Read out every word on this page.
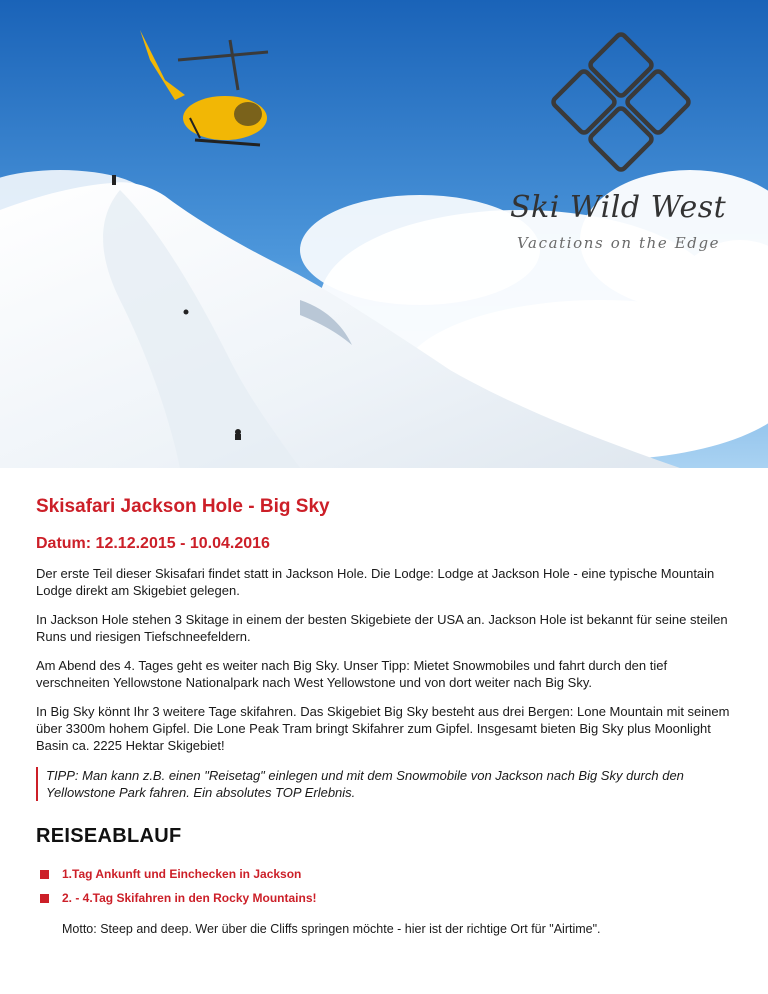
Ski Wild West
Vacations on the Edge
Skisafari Jackson Hole - Big Sky
Datum: 12.12.2015 - 10.04.2016

Der erste Teil dieser Skisafari findet statt in Jackson Hole. Die Lodge: Lodge at Jackson Hole - eine typische Mountain Lodge direkt am Skigebiet gelegen.

In Jackson Hole stehen 3 Skitage in einem der besten Skigebiete der USA an. Jackson Hole ist bekannt für seine steilen Runs und riesigen Tiefschneefeldern.

Am Abend des 4. Tages geht es weiter nach Big Sky. Unser Tipp: Mietet Snowmobiles und fahrt durch den tief verschneiten Yellowstone Nationalpark nach West Yellowstone und von dort weiter nach Big Sky.

In Big Sky könnt Ihr 3 weitere Tage skifahren. Das Skigebiet Big Sky besteht aus drei Bergen: Lone Mountain mit seinem über 3300m hohem Gipfel. Die Lone Peak Tram bringt Skifahrer zum Gipfel. Insgesamt bieten Big Sky plus Moonlight Basin ca. 2225 Hektar Skigebiet!

TIPP: Man kann z.B. einen "Reisetag" einlegen und mit dem Snowmobile von Jackson nach Big Sky durch den Yellowstone Park fahren. Ein absolutes TOP Erlebnis.
REISEABLAUF
1.Tag Ankunft und Einchecken in Jackson
2. - 4.Tag Skifahren in den Rocky Mountains!
Motto: Steep and deep. Wer über die Cliffs springen möchte - hier ist der richtige Ort für "Airtime".
